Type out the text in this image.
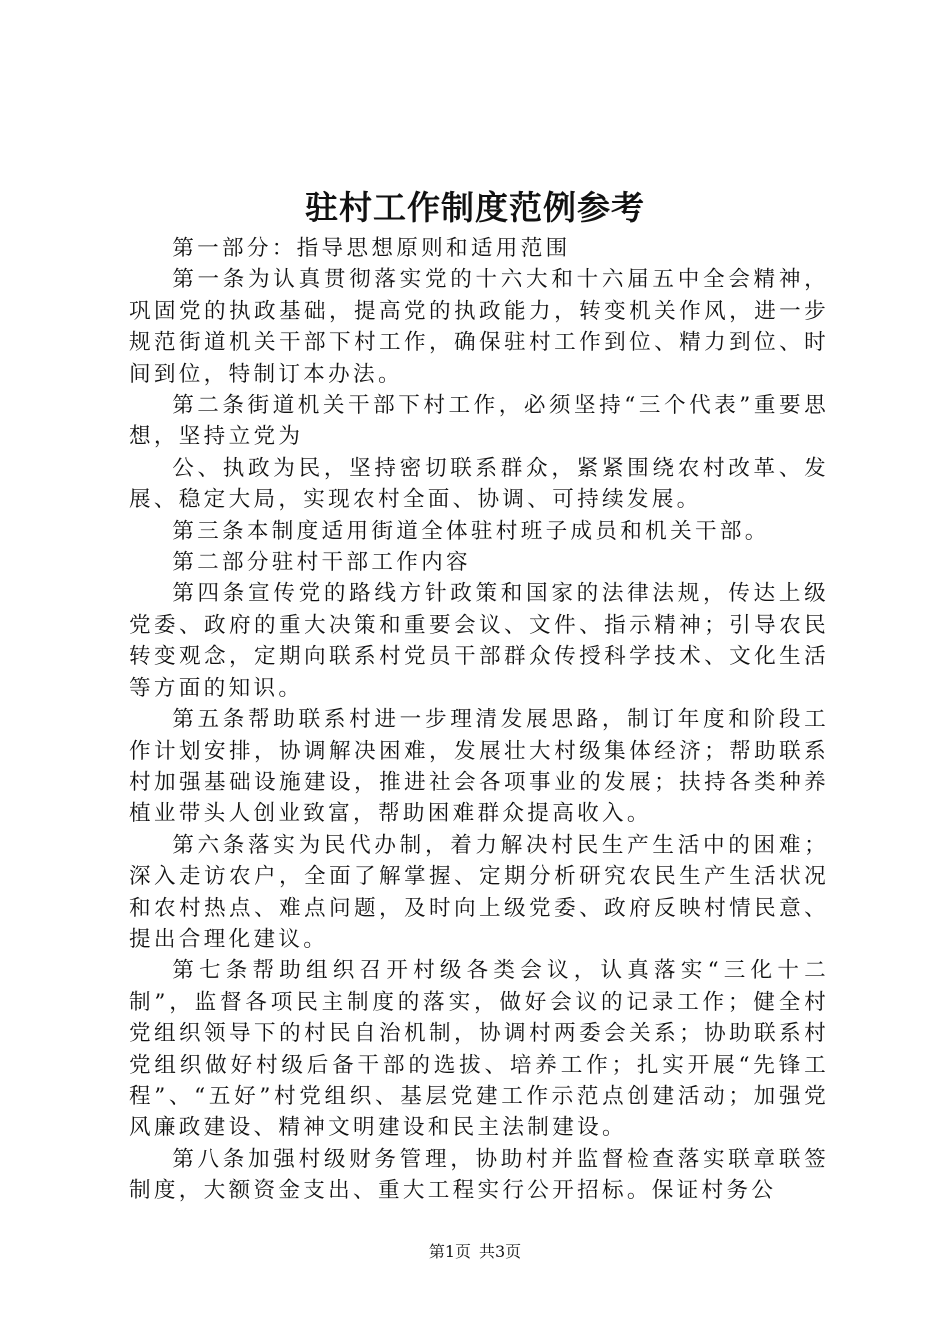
驻村工作制度范例参考

第一部分：指导思想原则和适用范围

第一条为认真贯彻落实党的十六大和十六届五中全会精神，巩固党的执政基础，提高党的执政能力，转变机关作风，进一步规范街道机关干部下村工作，确保驻村工作到位、精力到位、时间到位，特制订本办法。

第二条街道机关干部下村工作，必须坚持“三个代表”重要思想，坚持立党为

公、执政为民，坚持密切联系群众，紧紧围绕农村改革、发展、稳定大局，实现农村全面、协调、可持续发展。

第三条本制度适用街道全体驻村班子成员和机关干部。

第二部分驻村干部工作内容

第四条宣传党的路线方针政策和国家的法律法规，传达上级党委、政府的重大决策和重要会议、文件、指示精神；引导农民转变观念，定期向联系村党员干部群众传授科学技术、文化生活等方面的知识。

第五条帮助联系村进一步理清发展思路，制订年度和阶段工作计划安排，协调解决困难，发展壮大村级集体经济；帮助联系村加强基础设施建设，推进社会各项事业的发展；扶持各类种养植业带头人创业致富，帮助困难群众提高收入。

第六条落实为民代办制，着力解决村民生产生活中的困难；深入走访农户，全面了解掌握、定期分析研究农民生产生活状况和农村热点、难点问题，及时向上级党委、政府反映村情民意、提出合理化建议。

第七条帮助组织召开村级各类会议，认真落实“三化十二制”，监督各项民主制度的落实，做好会议的记录工作；健全村党组织领导下的村民自治机制，协调村两委会关系；协助联系村党组织做好村级后备干部的选拔、培养工作；扎实开展“先锋工程”、“五好”村党组织、基层党建工作示范点创建活动；加强党风廉政建设、精神文明建设和民主法制建设。

第八条加强村级财务管理，协助村并监督检查落实联章联签制度，大额资金支出、重大工程实行公开招标。保证村务公

第1页 共3页
